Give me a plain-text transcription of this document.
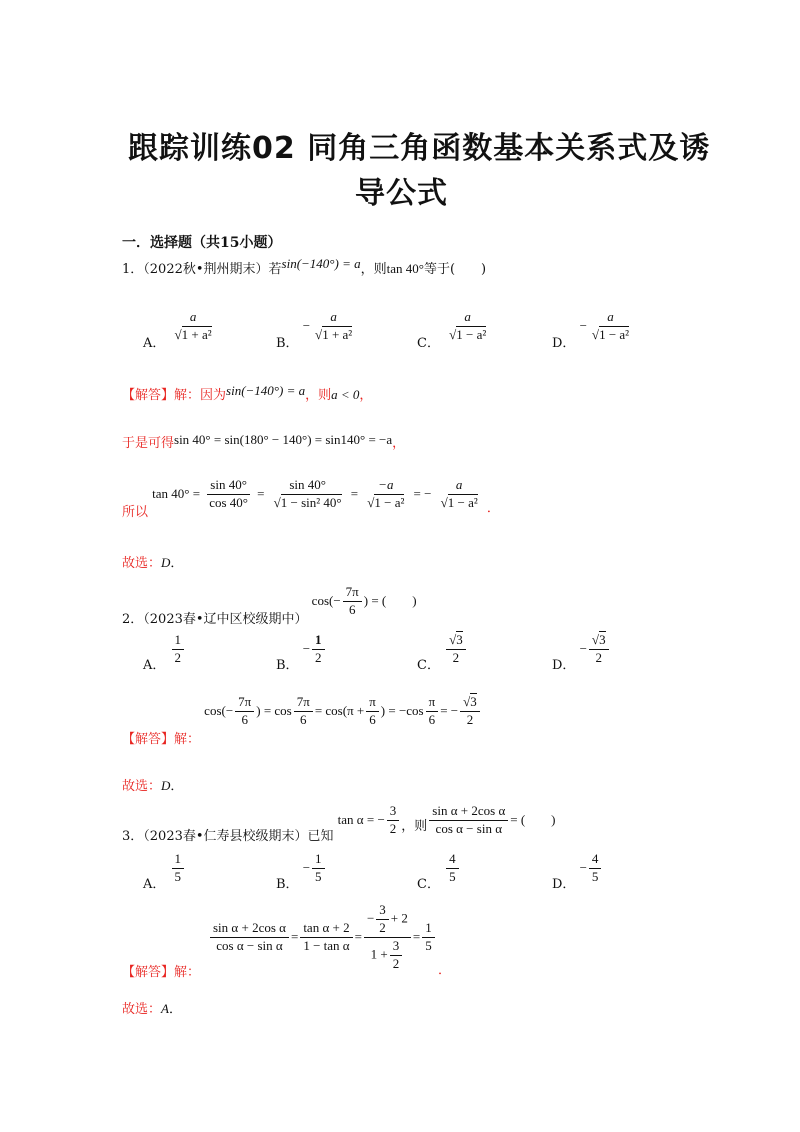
跟踪训练02 同角三角函数基本关系式及诱
导公式
一．选择题（共15小题）
1．（2022秋•荆州期末）若sin(−140°) = a，则tan 40°等于(　　)
A．
$\frac{a}{\text{√1 + a²}}$
B． − $\frac{a}{\text{√1 + a²}}$
C．
$\frac{a}{\text{√1 − a²}}$
D． − $\frac{a}{\text{√1 − a²}}$
【解答】解：因为sin(−140°) = a，则a < 0，
于是可得sin 40° = sin(180° − 140°) = sin140° = −a，
所以 $\tan 40^\circ = \frac{\sin 40^\circ}{\cos 40^\circ} = \frac{\sin 40^\circ}{\text{√1 − sin² 40°}} = \frac{-a}{\text{√1 − a²}}$ = − $\frac{a}{\text{√1 − a²}}$ ．
故选：D．
2．（2023春•辽中区校级期中） $\cos(- \frac{7\pi}{6}$ ) = (　　)
A． $\frac{1}{2}$	B． − $\frac{1}{2}$	C． $\frac{√3}{2}$	D． − $\frac{√3}{2}$
【解答】解： $\cos(- \frac{7\pi}{6}$ ) = $\cos \frac{7\pi}{6} = \cos(\pi + \frac{\pi}{6}$ ) = $-\cos \frac{\pi}{6}$ = − $\frac{√3}{2}$
故选：D．
3．（2023春•仁寿县校级期末）已知 tan α = − $\frac{3}{2}$ ，则 $\frac{\text{sin α + 2cos α}}{\text{cos α − sin α}}$ = (　　)
A． $\frac{1}{5}$	B． − $\frac{1}{5}$	C． $\frac{4}{5}$	D． − $\frac{4}{5}$
【解答】解：
$\frac{\text{sin α + 2cos α}}{\text{cos α − sin α}} = \frac{\text{tan α + 2}}{\text{1 − tan α}} = \frac{- \frac{3}{2} + 2}{1 + \frac{3}{2}} = \frac{1}{5}$
．
故选：A．
